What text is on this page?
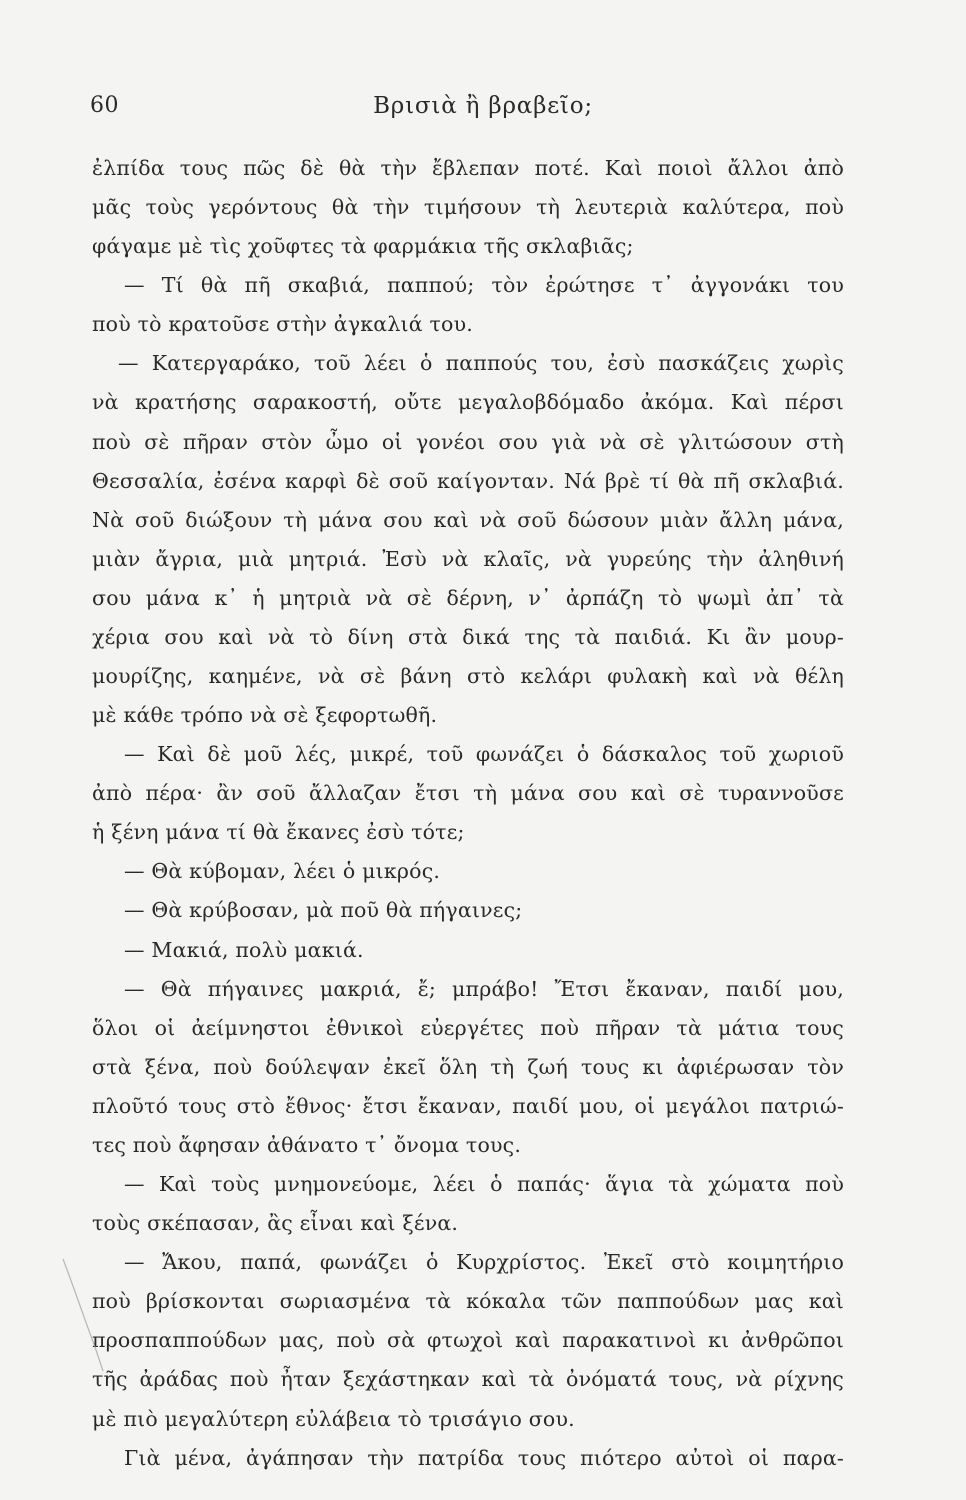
60	Βρισιὰ ἢ βραβεῖο;
ἐλπίδα τους πῶς δὲ θὰ τὴν ἔβλεπαν ποτέ. Καὶ ποιοὶ ἄλλοι ἀπὸ
μᾶς τοὺς γερόντους θὰ τὴν τιμήσουν τὴ λευτεριὰ καλύτερα, ποὺ
φάγαμε μὲ τὶς χοῦφτες τὰ φαρμάκια τῆς σκλαβιᾶς;
— Τί θὰ πῆ σκαβιά, παππού; τὸν ἐρώτησε τ᾽ ἀγγονάκι του
ποὺ τὸ κρατοῦσε στὴν ἀγκαλιά του.
— Κατεργαράκο, τοῦ λέει ὁ παππούς του, ἐσὺ πασκάζεις χωρὶς
νὰ κρατήσης σαρακοστή, οὔτε μεγαλοβδόμαδο ἀκόμα. Καὶ πέρσι
ποὺ σὲ πῆραν στὸν ὦμο οἱ γονέοι σου γιὰ νὰ σὲ γλιτώσουν στὴ
Θεσσαλία, ἐσένα καρφὶ δὲ σοῦ καίγονταν. Νά βρὲ τί θὰ πῆ σκλαβιά.
Νὰ σοῦ διώξουν τὴ μάνα σου καὶ νὰ σοῦ δώσουν μιὰν ἄλλη μάνα,
μιὰν ἄγρια, μιὰ μητριά. Ἐσὺ νὰ κλαῖς, νὰ γυρεύης τὴν ἀληθινή
σου μάνα κ᾽ ἡ μητριὰ νὰ σὲ δέρνη, ν᾽ ἀρπάζη τὸ ψωμὶ ἀπ᾽ τὰ
χέρια σου καὶ νὰ τὸ δίνη στὰ δικά της τὰ παιδιά. Κι ἂν μουρ-
μουρίζης, καημένε, νὰ σὲ βάνη στὸ κελάρι φυλακὴ καὶ νὰ θέλη
μὲ κάθε τρόπο νὰ σὲ ξεφορτωθῆ.
— Καὶ δὲ μοῦ λές, μικρέ, τοῦ φωνάζει ὁ δάσκαλος τοῦ χωριοῦ
ἀπὸ πέρα· ἂν σοῦ ἄλλαζαν ἔτσι τὴ μάνα σου καὶ σὲ τυραννοῦσε
ἡ ξένη μάνα τί θὰ ἔκανες ἐσὺ τότε;
— Θὰ κύβομαν, λέει ὁ μικρός.
— Θὰ κρύβοσαν, μὰ ποῦ θὰ πήγαινες;
— Μακιά, πολὺ μακιά.
— Θὰ πήγαινες μακριά, ἔ; μπράβο! Ἔτσι ἔκαναν, παιδί μου,
ὅλοι οἱ ἀείμνηστοι ἐθνικοὶ εὐεργέτες ποὺ πῆραν τὰ μάτια τους
στὰ ξένα, ποὺ δούλεψαν ἐκεῖ ὅλη τὴ ζωή τους κι ἀφιέρωσαν τὸν
πλοῦτό τους στὸ ἔθνος· ἔτσι ἔκαναν, παιδί μου, οἱ μεγάλοι πατριώ-
τες ποὺ ἄφησαν ἀθάνατο τ᾽ ὄνομα τους.
— Καὶ τοὺς μνημονεύομε, λέει ὁ παπάς· ἅγια τὰ χώματα ποὺ
τοὺς σκέπασαν, ἂς εἶναι καὶ ξένα.
— Ἄκου, παπά, φωνάζει ὁ Κυρχρίστος. Ἐκεῖ στὸ κοιμητήριο
ποὺ βρίσκονται σωριασμένα τὰ κόκαλα τῶν παππούδων μας καὶ
προσπαππούδων μας, ποὺ σὰ φτωχοὶ καὶ παρακατινοὶ κι ἀνθρῶποι
τῆς ἀράδας ποὺ ἦταν ξεχάστηκαν καὶ τὰ ὀνόματά τους, νὰ ρίχνης
μὲ πιὸ μεγαλύτερη εὐλάβεια τὸ τρισάγιο σου.
Γιὰ μένα, ἀγάπησαν τὴν πατρίδα τους πιότερο αὐτοὶ οἱ παρα-
